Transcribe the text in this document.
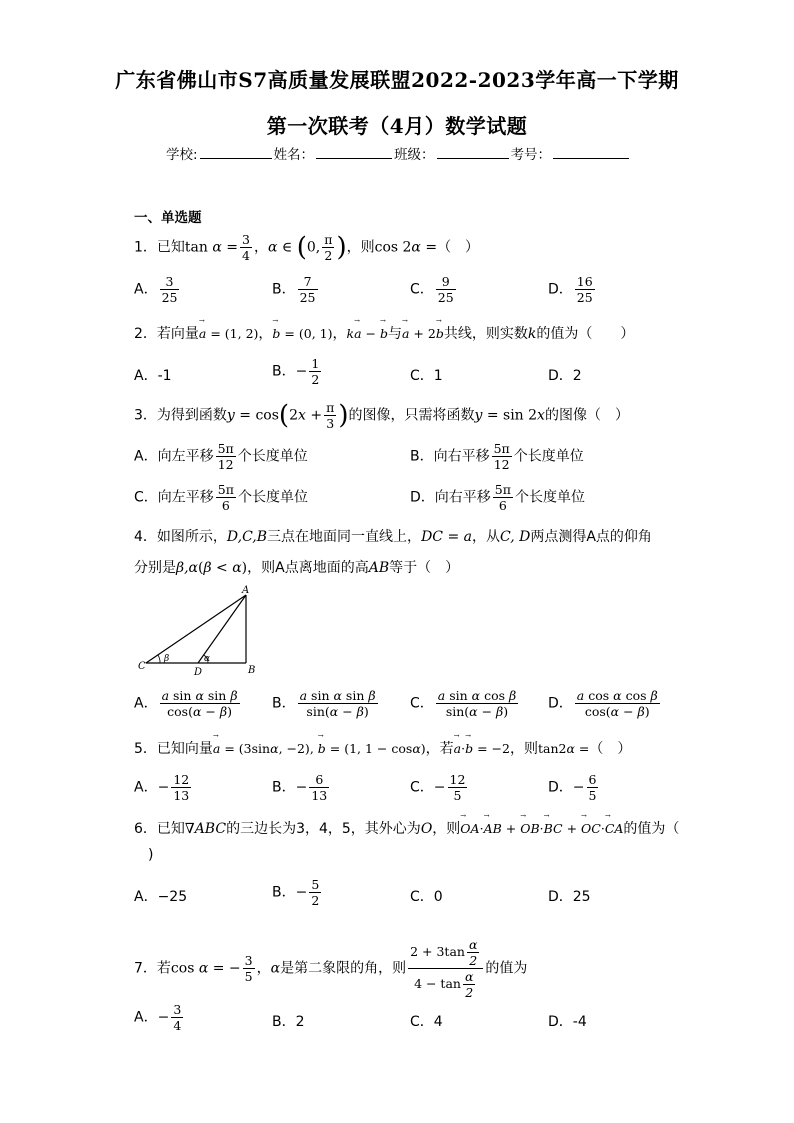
广东省佛山市S7高质量发展联盟2022-2023学年高一下学期
第一次联考（4月）数学试题
学校:	姓名：	班级：	考号：
一、单选题
1．已知$\tan \alpha = \frac{3}{4}$ ，α ∈ (0, $\frac{\pi}{2}$ )，则cos 2α =（　）
A． $\frac{3}{25}$	B． $\frac{7}{25}$	C． $\frac{9}{25}$	D． $\frac{16}{25}$
2．若向量→ a = (1, 2)，→ b = (0, 1)，k→ a − → b与→ a + 2→ b共线，则实数k的值为（　　）
A．-1	B．− $\frac{1}{2}$	C．1	D．2
3．为得到函数$y = \cos(2x + \frac{\pi}{3}$ )的图像，只需将函数y = sin 2x的图像（　）
A．向左平移 $\frac{5\pi}{12}$ 个长度单位	B．向右平移 $\frac{5\pi}{12}$ 个长度单位
C．向左平移 $\frac{5\pi}{6}$ 个长度单位	D．向右平移 $\frac{5\pi}{6}$ 个长度单位
4．如图所示，D,C,B三点在地面同一直线上，DC = a，从C, D两点测得A点的仰角
分别是β,α(β < α)，则A点离地面的高AB等于（　）
A
B
C
D
α
β
A． $\frac{\text{a sin α sin β}}{\cos(\alpha - \beta)}$ B． $\frac{\text{a sin α sin β}}{\sin(\alpha - \beta)}$ C． $\frac{\text{a sin α cos β}}{\sin(\alpha - \beta)}$ D． $\frac{\text{a cos α cos β}}{\cos(\alpha - \beta)}$
5．已知向量→ a = (3sinα, −2), → b = (1, 1 − cosα)，若→ a·→ b = −2，则tan2α =（　）
A．− $\frac{12}{13}$	B．− $\frac{6}{13}$	C．− $\frac{12}{5}$	D．− $\frac{6}{5}$
6．已知∇ABC的三边长为3，4，5，其外心为O，则→ OA·→ AB + → OB·→ BC + → OC·→ CA的值为（
)
A．−25	B．− $\frac{5}{2}$	C．0	D．25
7．若cos α = − $\frac{3}{5}$ ，α是第二象限的角，则 $\frac{2 + 3\tan \frac{\alpha}{2}}{4 - \tan \frac{\alpha}{2}}$ 的值为
A．− $\frac{3}{4}$	B．2	C．4	D．-4
